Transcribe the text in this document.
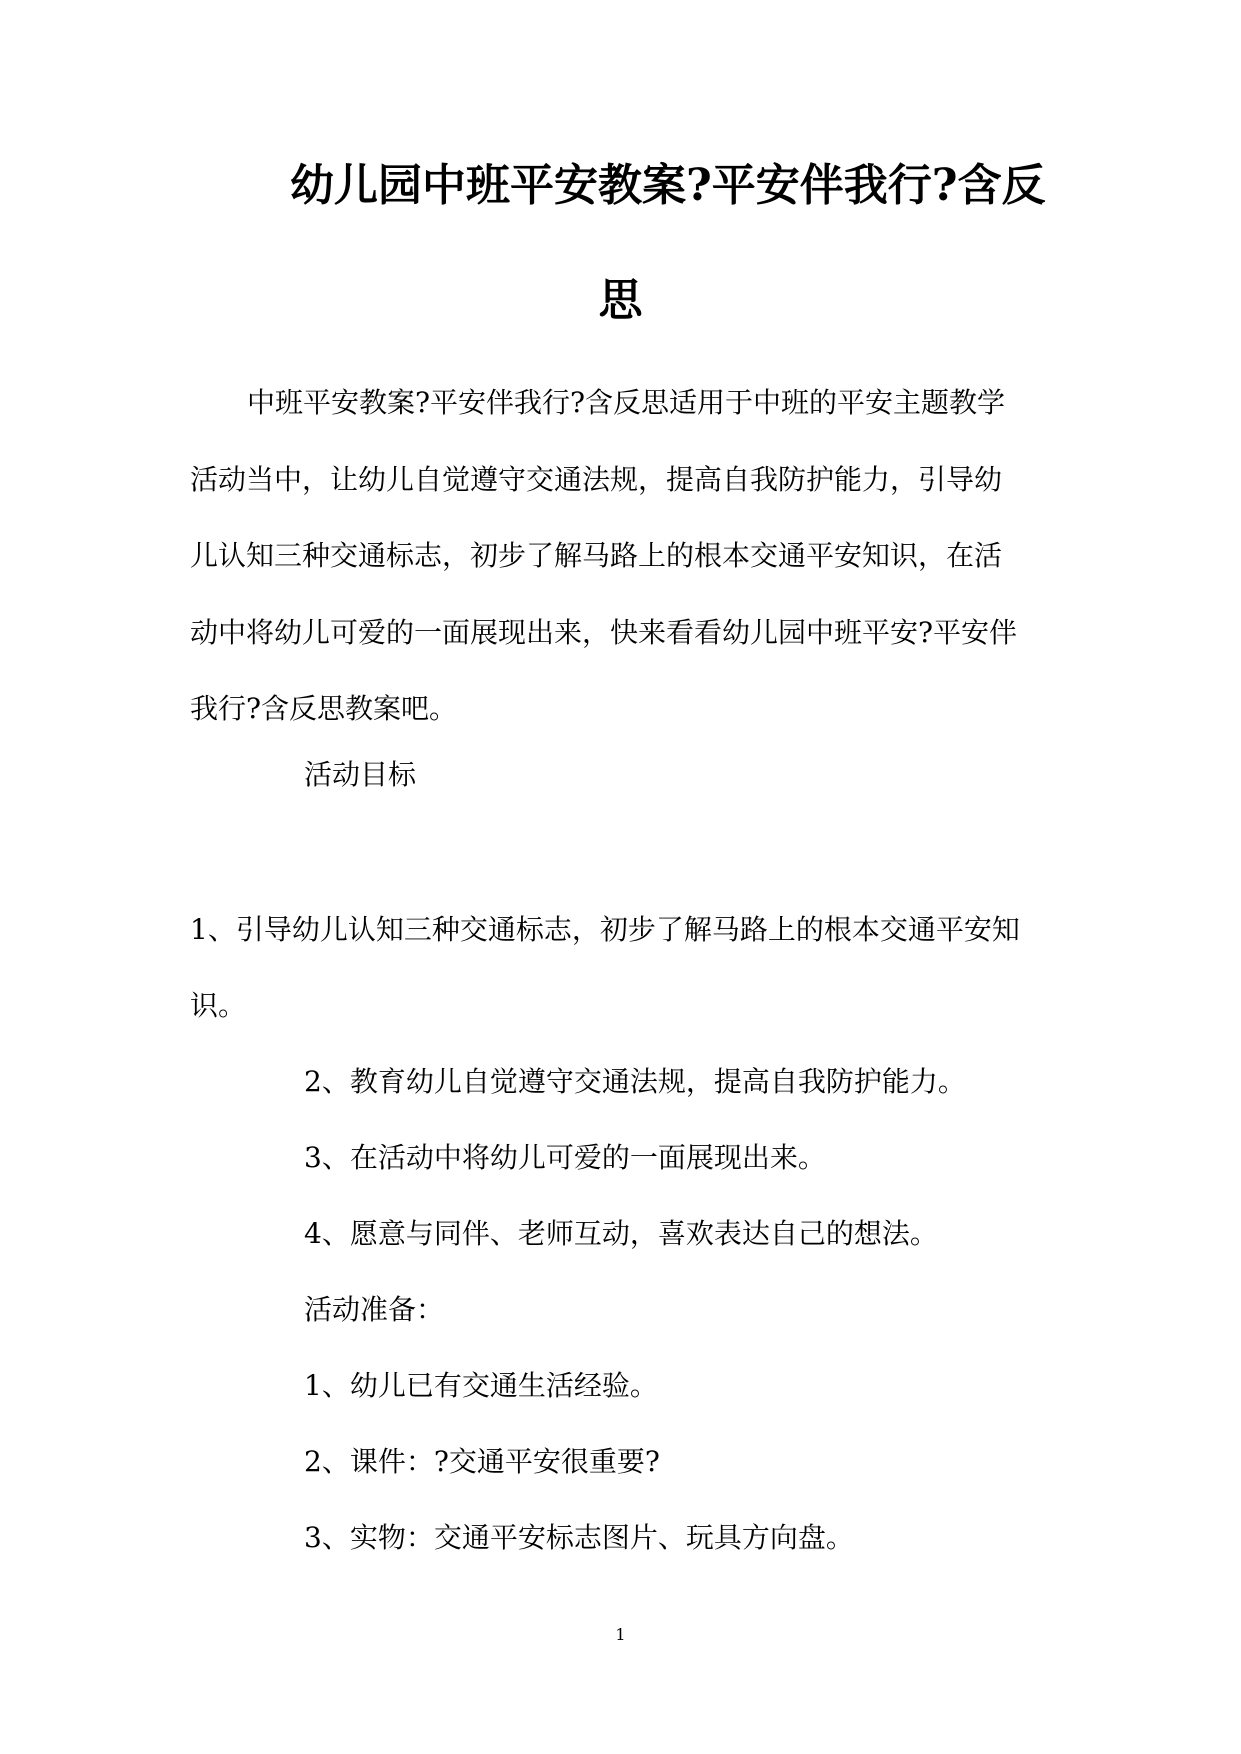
幼儿园中班平安教案?平安伴我行?含反
思
中班平安教案?平安伴我行?含反思适用于中班的平安主题教学
活动当中，让幼儿自觉遵守交通法规，提高自我防护能力，引导幼
儿认知三种交通标志，初步了解马路上的根本交通平安知识，在活
动中将幼儿可爱的一面展现出来，快来看看幼儿园中班平安?平安伴
我行?含反思教案吧。
活动目标
1、引导幼儿认知三种交通标志，初步了解马路上的根本交通平安知
识。
2、教育幼儿自觉遵守交通法规，提高自我防护能力。
3、在活动中将幼儿可爱的一面展现出来。
4、愿意与同伴、老师互动，喜欢表达自己的想法。
活动准备：
1、幼儿已有交通生活经验。
2、课件：?交通平安很重要?
3、实物：交通平安标志图片、玩具方向盘。
1
